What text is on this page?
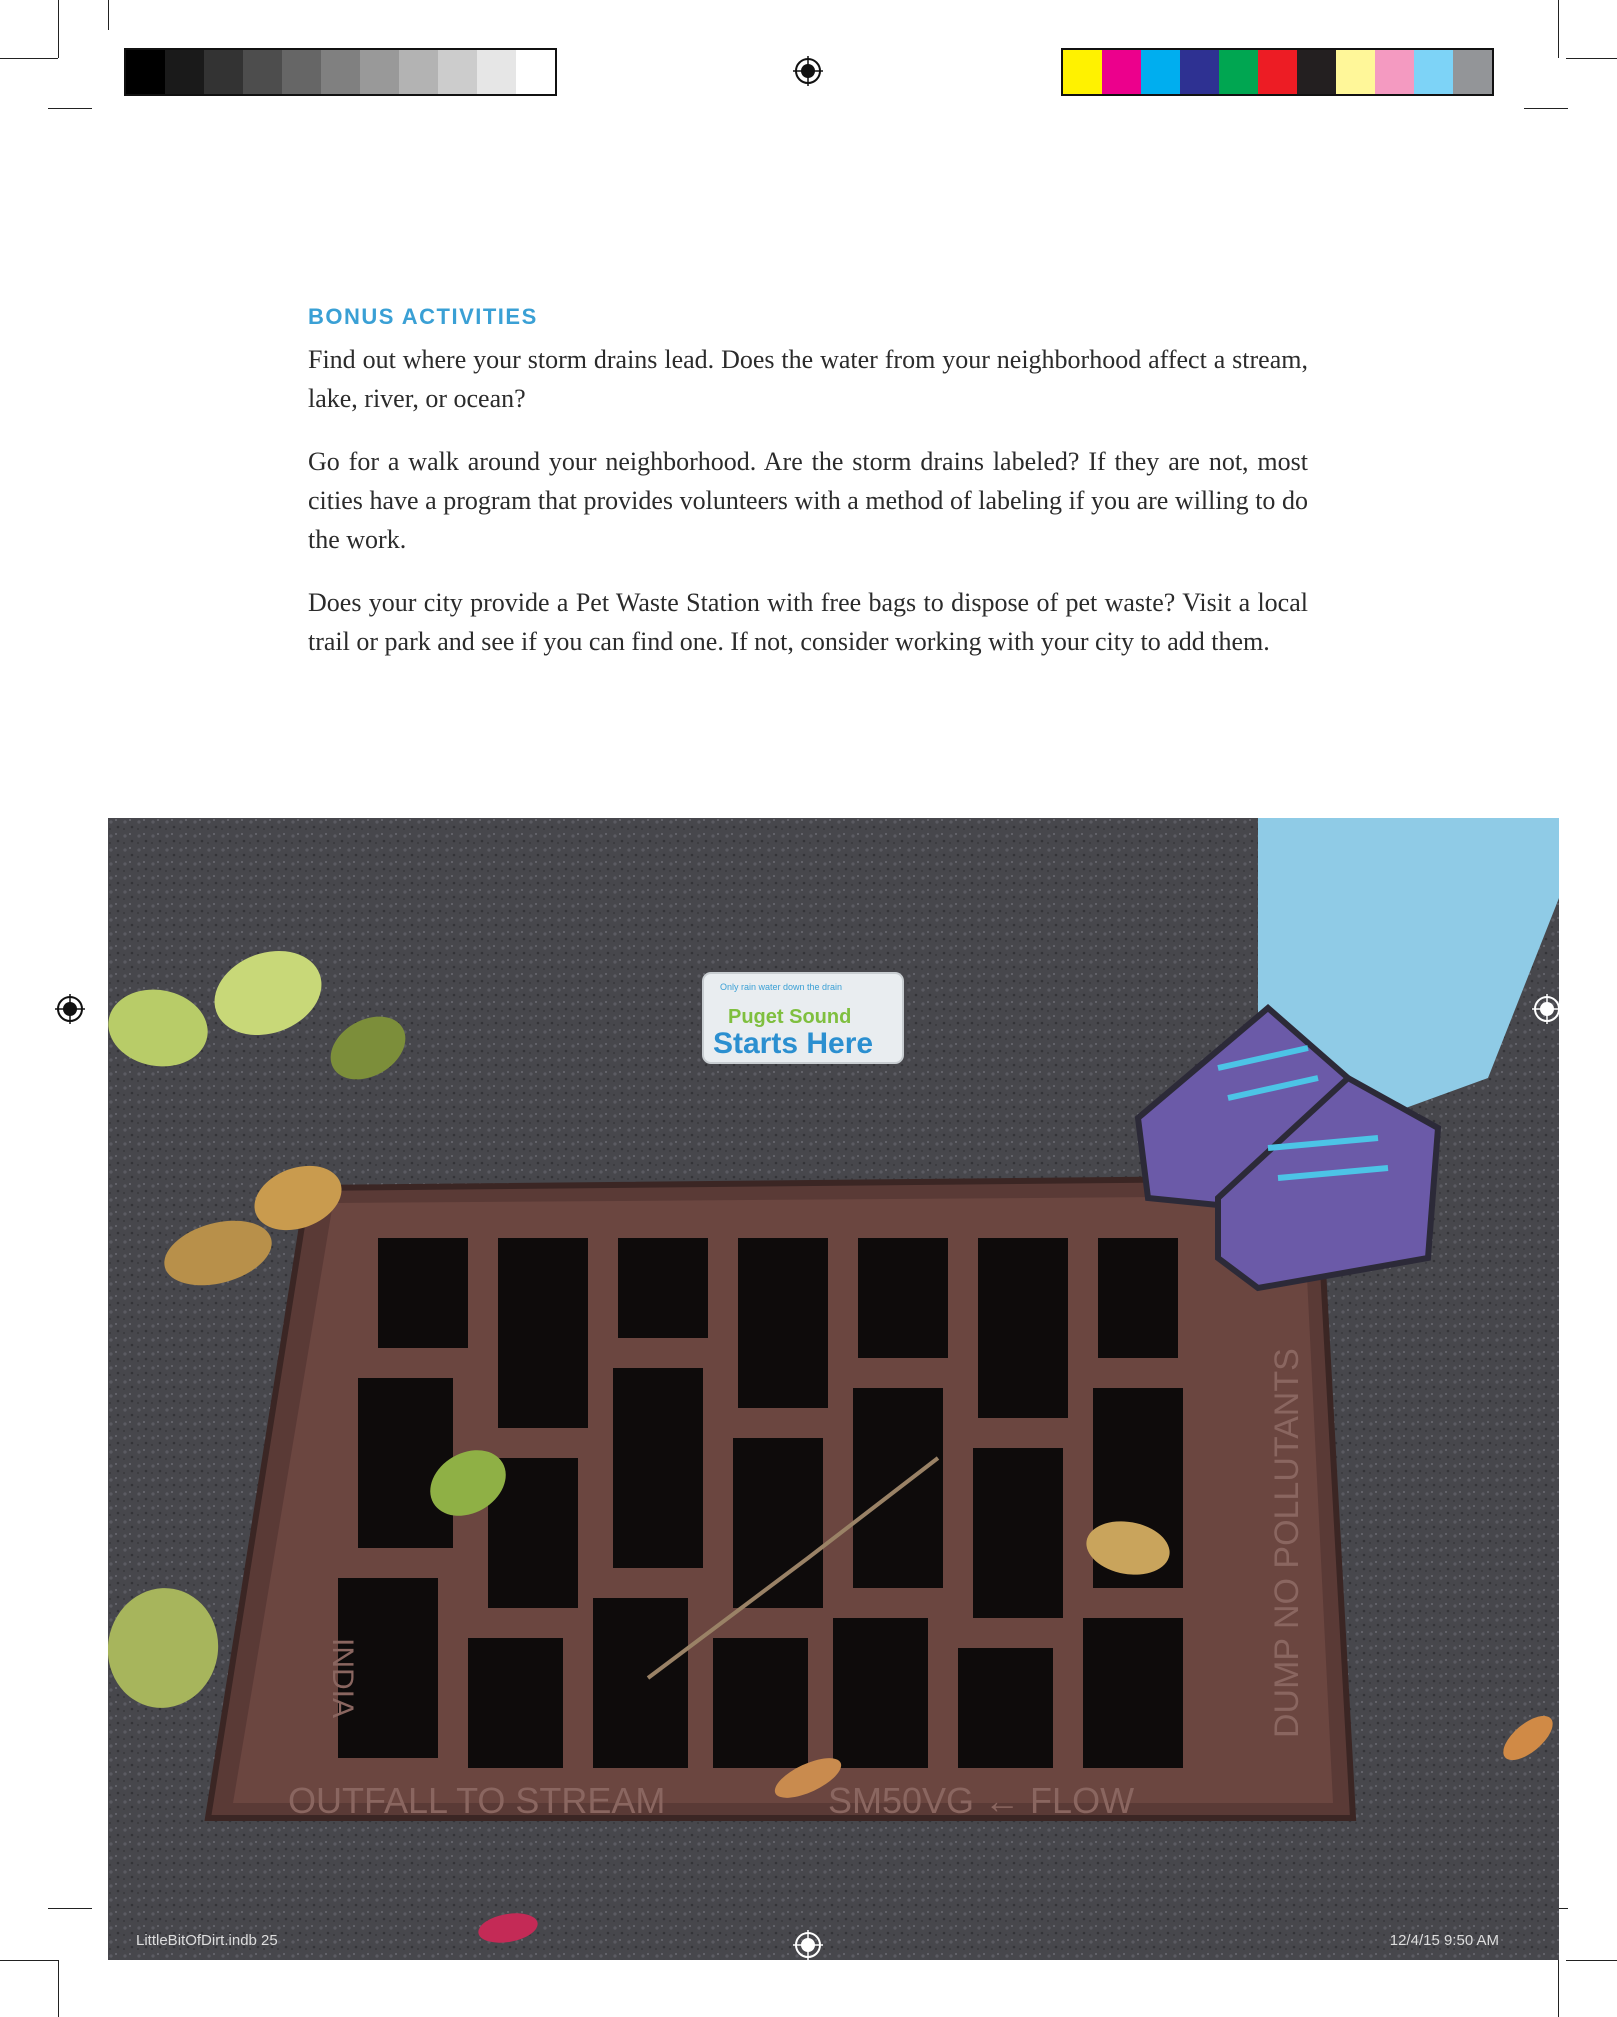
BONUS ACTIVITIES

Find out where your storm drains lead. Does the water from your neighborhood affect a stream, lake, river, or ocean?

Go for a walk around your neighborhood. Are the storm drains labeled? If they are not, most cities have a program that provides volunteers with a method of labeling if you are willing to do the work.

Does your city provide a Pet Waste Station with free bags to dispose of pet waste? Visit a local trail or park and see if you can find one. If not, consider working with your city to add them.

OUTFALL TO STREAM	SM50VG ← FLOW
DUMP NO POLLUTANTS
INDIA
Only rain water down the drain
Puget Sound
Starts Here
LittleBitOfDirt.indb 25	12/4/15 9:50 AM
